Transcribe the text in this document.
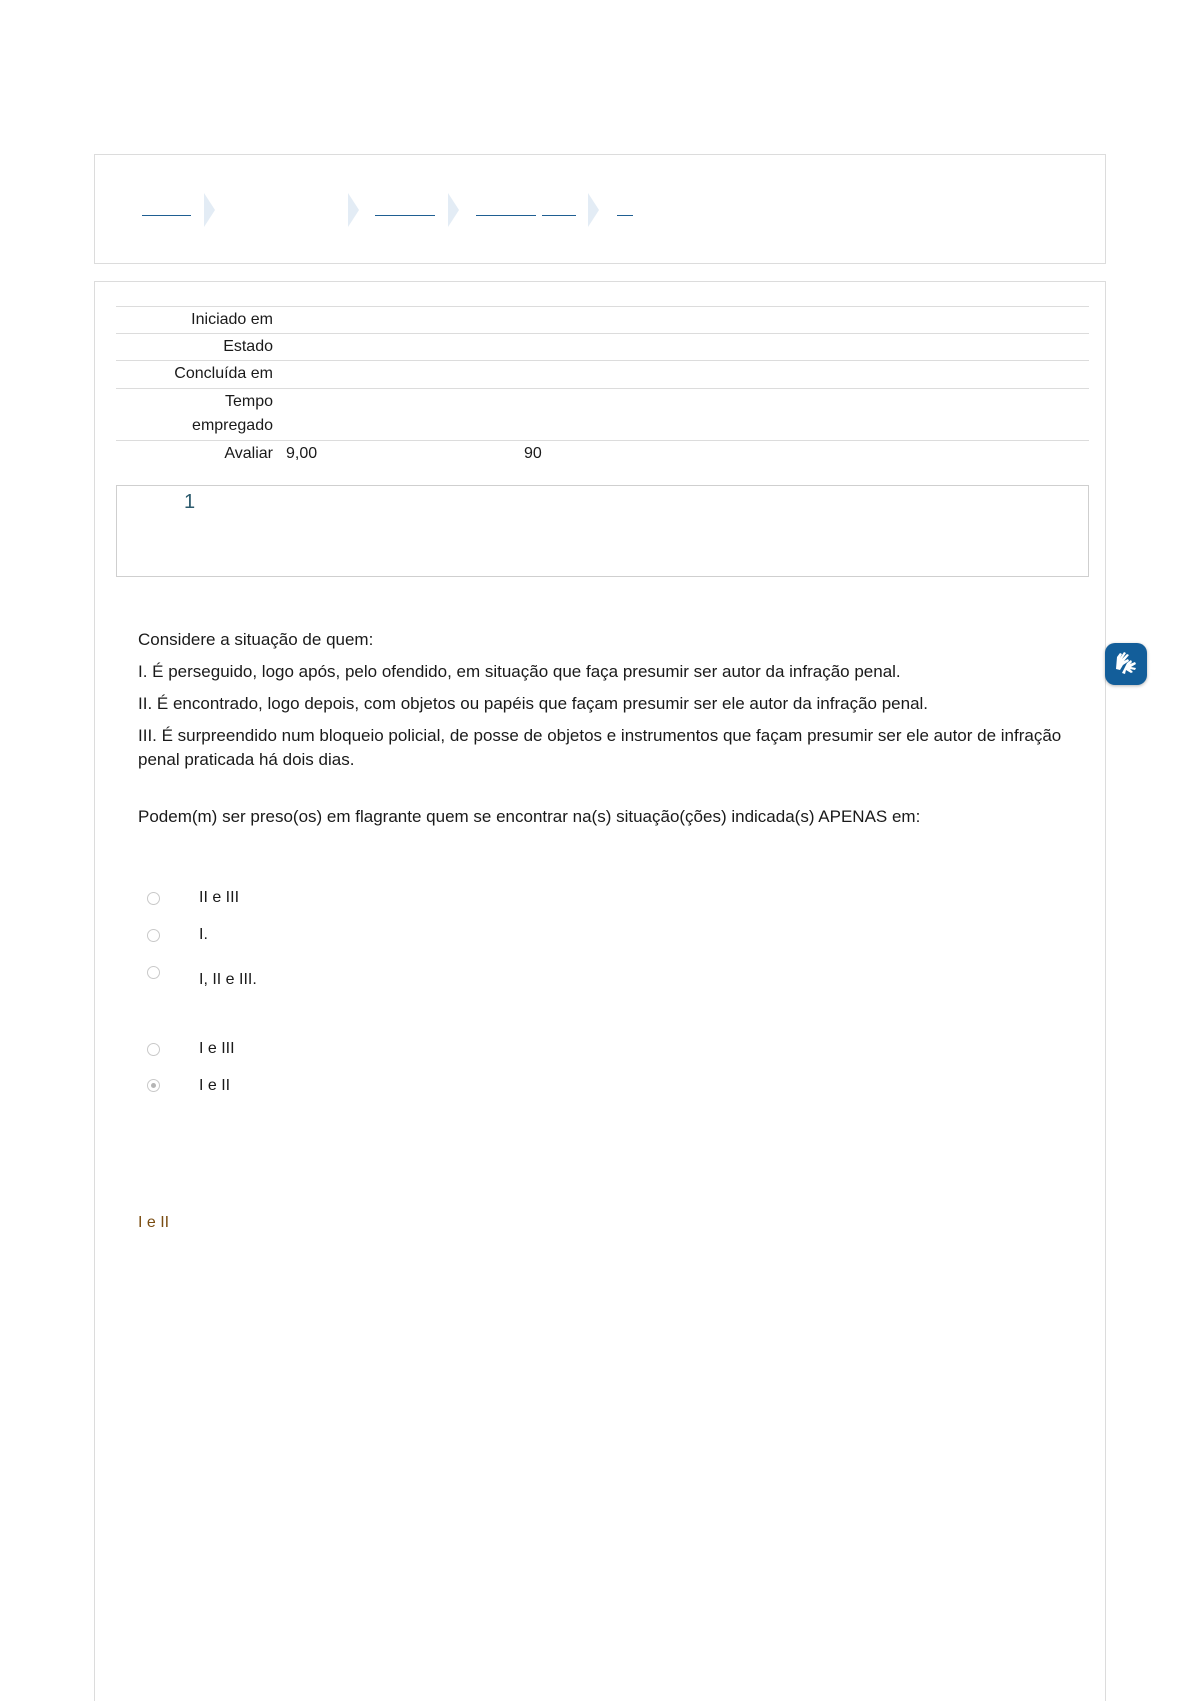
Iniciado em
Estado
Concluída em
Tempo
empregado
Avaliar 9,00	90
1
Considere a situação de quem:
I. É perseguido, logo após, pelo ofendido, em situação que faça presumir ser autor da infração penal.
II. É encontrado, logo depois, com objetos ou papéis que façam presumir ser ele autor da infração penal.
III. É surpreendido num bloqueio policial, de posse de objetos e instrumentos que façam presumir ser ele autor de infração penal praticada há dois dias.
Podem(m) ser preso(os) em flagrante quem se encontrar na(s) situação(ções) indicada(s) APENAS em:
II e III
I.
I, II e III.
I e III
I e II
I e II
